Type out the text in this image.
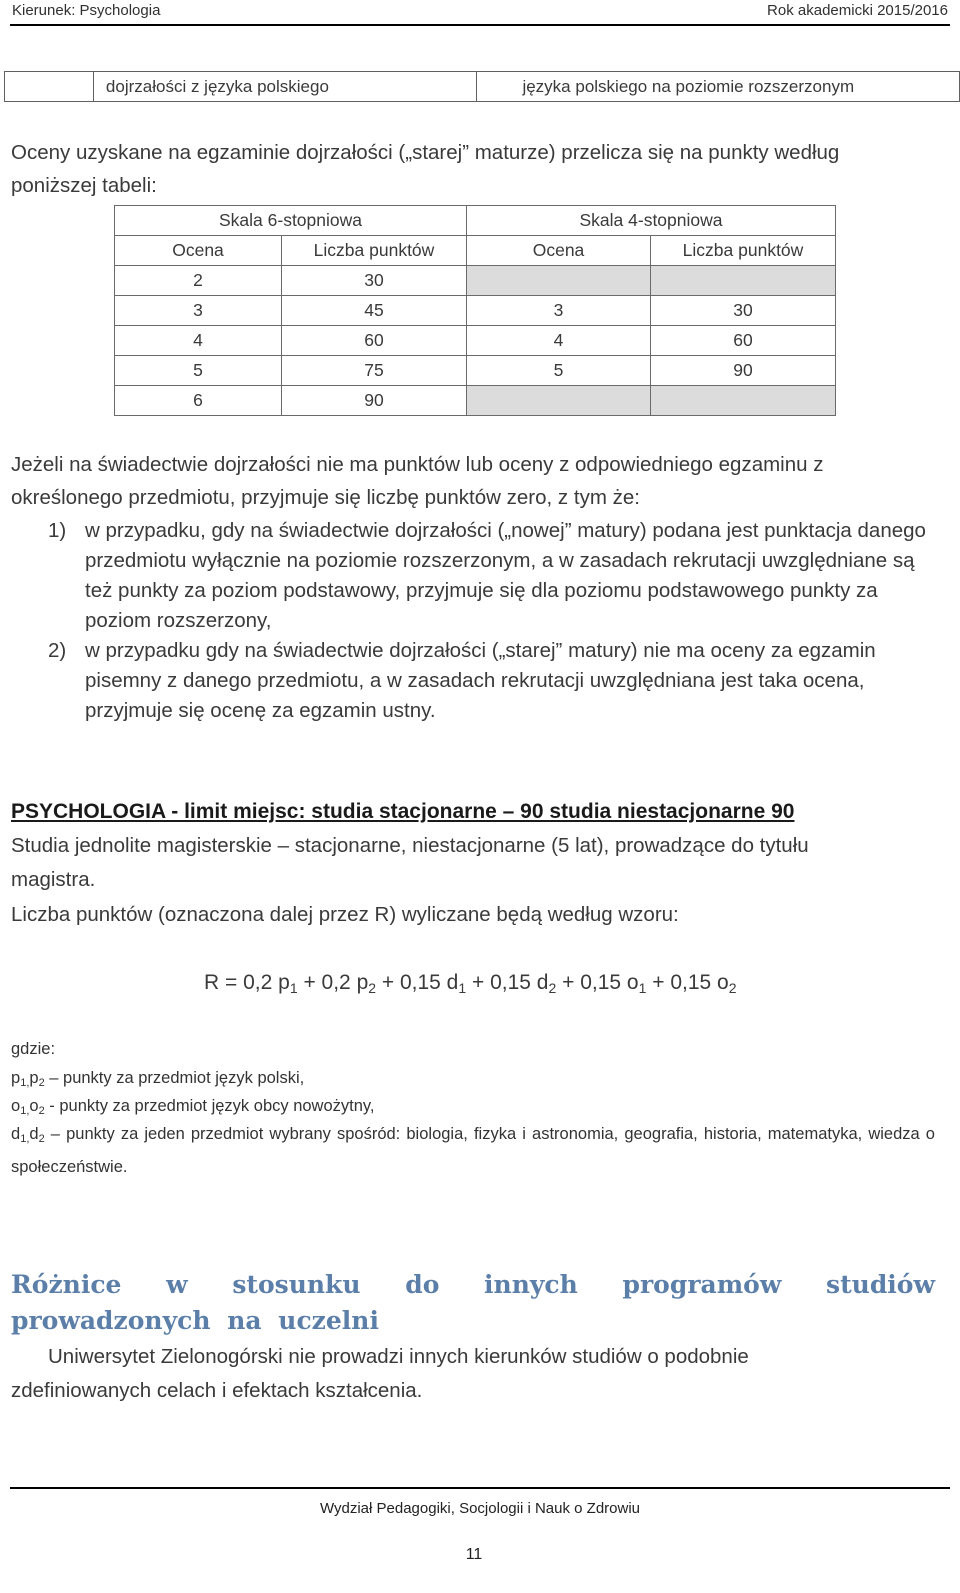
Kierunek: Psychologia	Rok akademicki 2015/2016
	dojrzałości z języka polskiego	języka polskiego na poziomie rozszerzonym

Oceny uzyskane na egzaminie dojrzałości („starej” maturze) przelicza się na punkty według

poniższej tabeli:

Skala 6-stopniowa		Skala 4-stopniowa	
Ocena	Liczba punktów	Ocena	Liczba punktów
2	30		
3	45	3	30
4	60	4	60
5	75	5	90
6	90		

Jeżeli na świadectwie dojrzałości nie ma punktów lub oceny z odpowiedniego egzaminu z

określonego przedmiotu, przyjmuje się liczbę punktów zero, z tym że:

1) w przypadku, gdy na świadectwie dojrzałości („nowej” matury) podana jest punktacja danego przedmiotu wyłącznie na poziomie rozszerzonym, a w zasadach rekrutacji uwzględniane są też punkty za poziom podstawowy, przyjmuje się dla poziomu podstawowego punkty za poziom rozszerzony,
2) w przypadku gdy na świadectwie dojrzałości („starej” matury) nie ma oceny za egzamin pisemny z danego przedmiotu, a w zasadach rekrutacji uwzględniana jest taka ocena, przyjmuje się ocenę za egzamin ustny.

PSYCHOLOGIA - limit miejsc: studia stacjonarne – 90 studia niestacjonarne 90

Studia jednolite magisterskie – stacjonarne, niestacjonarne (5 lat), prowadzące do tytułu

magistra.

Liczba punktów (oznaczona dalej przez R) wyliczane będą według wzoru:

R = 0,2 $p_1 + 0,2$ $p_2 + 0,15$ $d_1 + 0,15$ $d_2 + 0,15$ $o_1 + 0,15$ $o_2$

gdzie:

$p_{1,}p_2$ – punkty za przedmiot język polski,

$o_{1,}o_2$ - punkty za przedmiot język obcy nowożytny,

$d_{1,}d_2$ – punkty za jeden przedmiot wybrany spośród: biologia, fizyka i astronomia, geografia, historia, matematyka, wiedza o społeczeństwie.

Różnice w stosunku do innych programów studiów prowadzonych na uczelni

Uniwersytet Zielonogórski nie prowadzi innych kierunków studiów o podobnie

zdefiniowanych celach i efektach kształcenia.

Wydział Pedagogiki, Socjologii i Nauk o Zdrowiu
11
